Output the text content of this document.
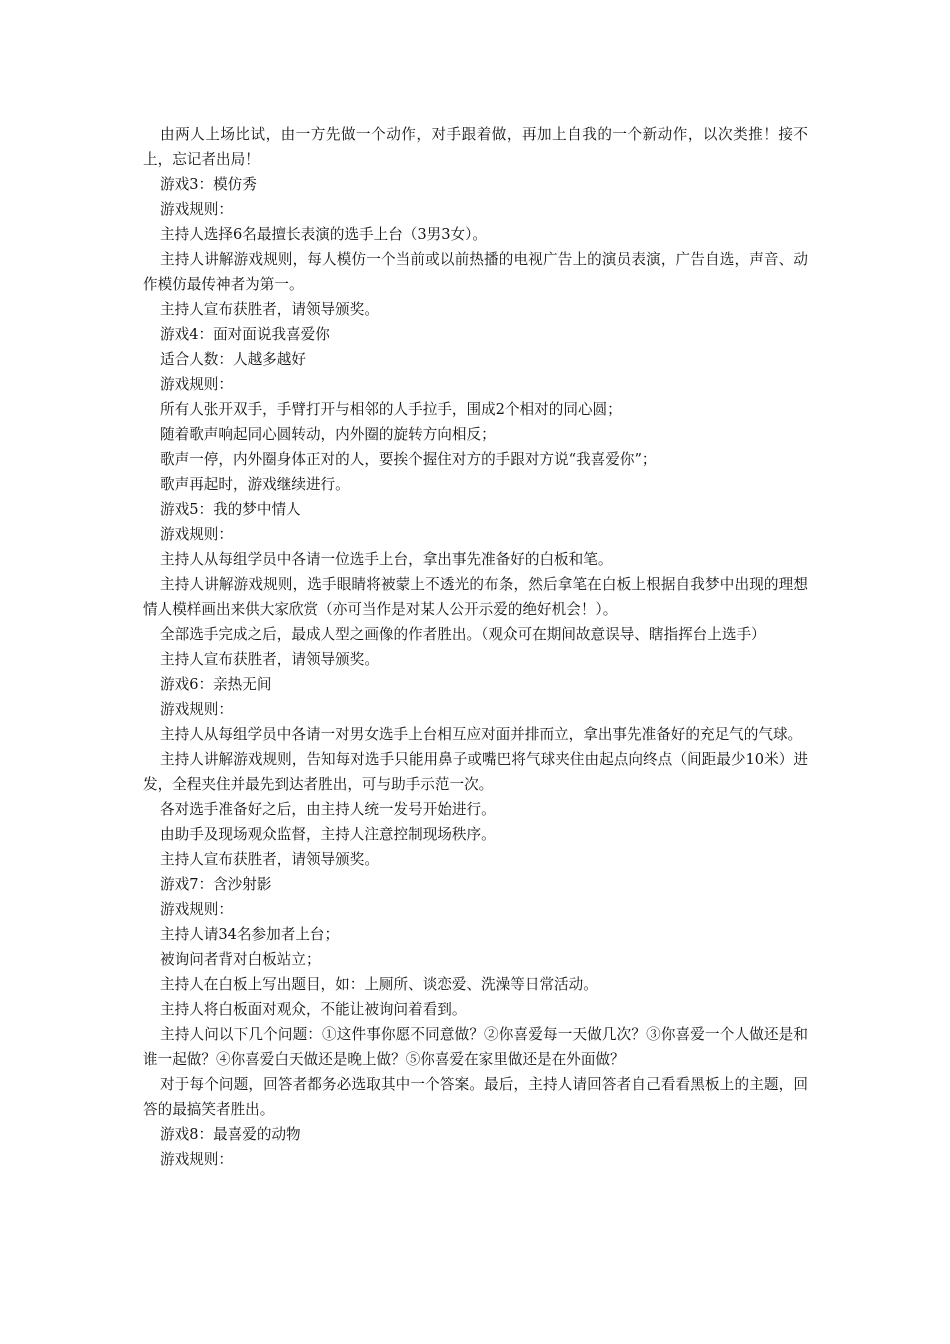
由两人上场比试，由一方先做一个动作，对手跟着做，再加上自我的一个新动作，以次类推！接不上，忘记者出局！

游戏3：模仿秀

游戏规则：

主持人选择6名最擅长表演的选手上台（3男3女）。

主持人讲解游戏规则，每人模仿一个当前或以前热播的电视广告上的演员表演，广告自选，声音、动作模仿最传神者为第一。

主持人宣布获胜者，请领导颁奖。

游戏4：面对面说我喜爱你

适合人数：人越多越好

游戏规则：

所有人张开双手，手臂打开与相邻的人手拉手，围成2个相对的同心圆；

随着歌声响起同心圆转动，内外圈的旋转方向相反；

歌声一停，内外圈身体正对的人，要挨个握住对方的手跟对方说“我喜爱你”；

歌声再起时，游戏继续进行。

游戏5：我的梦中情人

游戏规则：

主持人从每组学员中各请一位选手上台，拿出事先准备好的白板和笔。

主持人讲解游戏规则，选手眼睛将被蒙上不透光的布条，然后拿笔在白板上根据自我梦中出现的理想情人模样画出来供大家欣赏（亦可当作是对某人公开示爱的绝好机会！）。

全部选手完成之后，最成人型之画像的作者胜出。（观众可在期间故意误导、瞎指挥台上选手）

主持人宣布获胜者，请领导颁奖。

游戏6：亲热无间

游戏规则：

主持人从每组学员中各请一对男女选手上台相互应对面并排而立，拿出事先准备好的充足气的气球。

主持人讲解游戏规则，告知每对选手只能用鼻子或嘴巴将气球夹住由起点向终点（间距最少10米）进发，全程夹住并最先到达者胜出，可与助手示范一次。

各对选手准备好之后，由主持人统一发号开始进行。

由助手及现场观众监督，主持人注意控制现场秩序。

主持人宣布获胜者，请领导颁奖。

游戏7：含沙射影

游戏规则：

主持人请34名参加者上台；

被询问者背对白板站立；

主持人在白板上写出题目，如：上厕所、谈恋爱、洗澡等日常活动。

主持人将白板面对观众，不能让被询问着看到。

主持人问以下几个问题：①这件事你愿不同意做？②你喜爱每一天做几次？③你喜爱一个人做还是和谁一起做？④你喜爱白天做还是晚上做？⑤你喜爱在家里做还是在外面做？

对于每个问题，回答者都务必选取其中一个答案。最后，主持人请回答者自己看看黑板上的主题，回答的最搞笑者胜出。

游戏8：最喜爱的动物

游戏规则：
